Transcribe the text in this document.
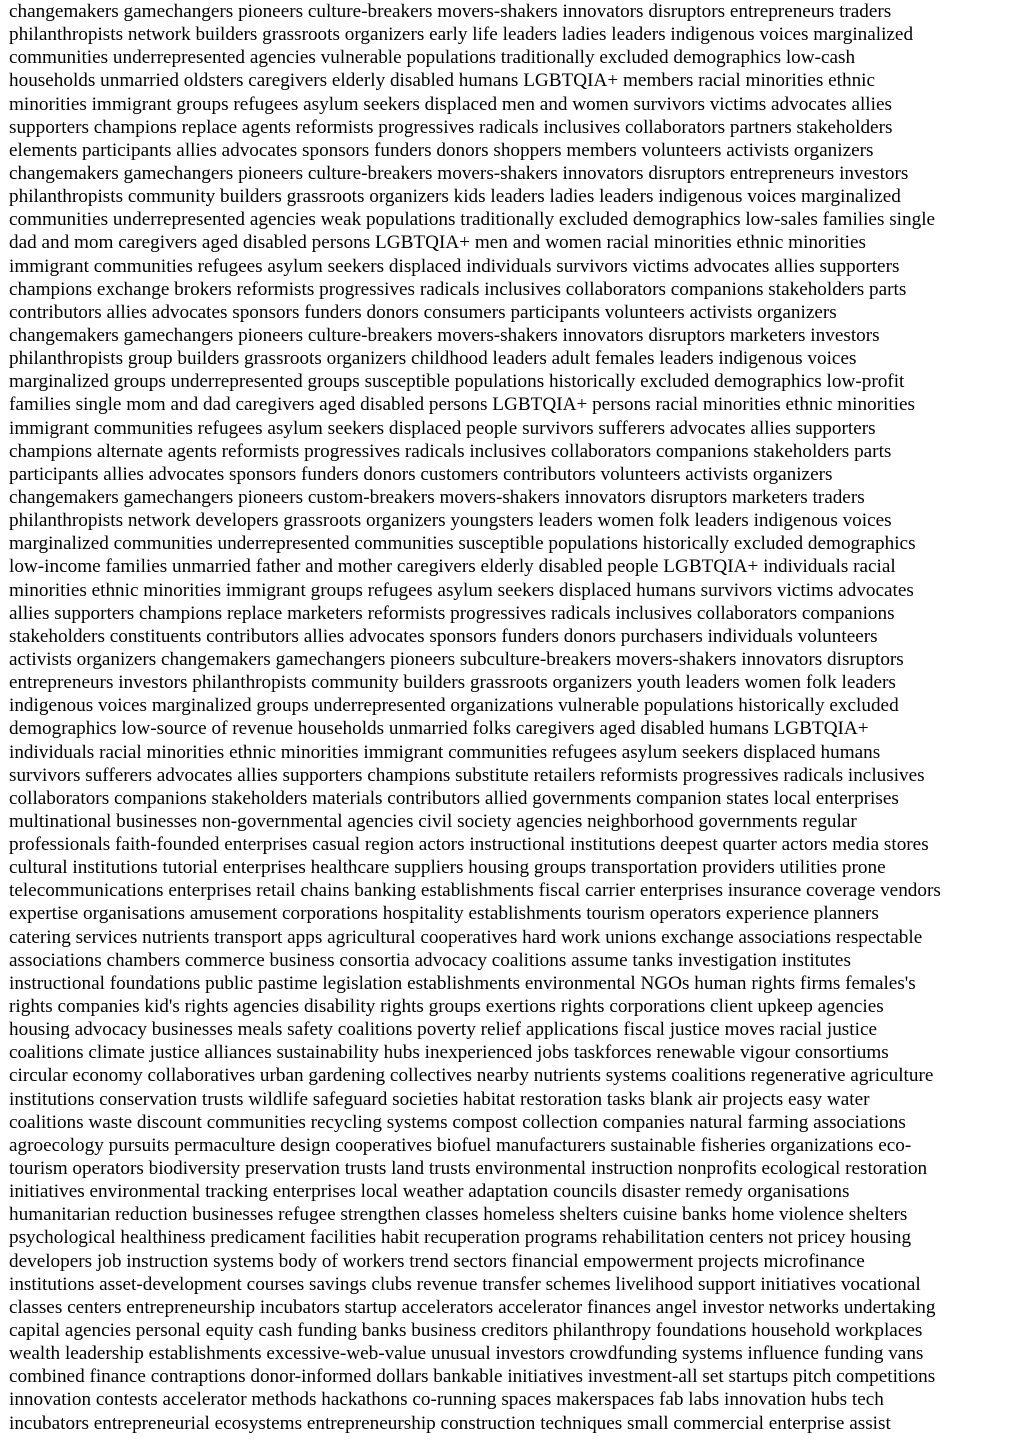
changemakers gamechangers pioneers culture-breakers movers-shakers innovators disruptors entrepreneurs traders
philanthropists network builders grassroots organizers early life leaders ladies leaders indigenous voices marginalized
communities underrepresented agencies vulnerable populations traditionally excluded demographics low-cash
households unmarried oldsters caregivers elderly disabled humans LGBTQIA+ members racial minorities ethnic
minorities immigrant groups refugees asylum seekers displaced men and women survivors victims advocates allies
supporters champions replace agents reformists progressives radicals inclusives collaborators partners stakeholders
elements participants allies advocates sponsors funders donors shoppers members volunteers activists organizers
changemakers gamechangers pioneers culture-breakers movers-shakers innovators disruptors entrepreneurs investors
philanthropists community builders grassroots organizers kids leaders ladies leaders indigenous voices marginalized
communities underrepresented agencies weak populations traditionally excluded demographics low-sales families single
dad and mom caregivers aged disabled persons LGBTQIA+ men and women racial minorities ethnic minorities
immigrant communities refugees asylum seekers displaced individuals survivors victims advocates allies supporters
champions exchange brokers reformists progressives radicals inclusives collaborators companions stakeholders parts
contributors allies advocates sponsors funders donors consumers participants volunteers activists organizers
changemakers gamechangers pioneers culture-breakers movers-shakers innovators disruptors marketers investors
philanthropists group builders grassroots organizers childhood leaders adult females leaders indigenous voices
marginalized groups underrepresented groups susceptible populations historically excluded demographics low-profit
families single mom and dad caregivers aged disabled persons LGBTQIA+ persons racial minorities ethnic minorities
immigrant communities refugees asylum seekers displaced people survivors sufferers advocates allies supporters
champions alternate agents reformists progressives radicals inclusives collaborators companions stakeholders parts
participants allies advocates sponsors funders donors customers contributors volunteers activists organizers
changemakers gamechangers pioneers custom-breakers movers-shakers innovators disruptors marketers traders
philanthropists network developers grassroots organizers youngsters leaders women folk leaders indigenous voices
marginalized communities underrepresented communities susceptible populations historically excluded demographics
low-income families unmarried father and mother caregivers elderly disabled people LGBTQIA+ individuals racial
minorities ethnic minorities immigrant groups refugees asylum seekers displaced humans survivors victims advocates
allies supporters champions replace marketers reformists progressives radicals inclusives collaborators companions
stakeholders constituents contributors allies advocates sponsors funders donors purchasers individuals volunteers
activists organizers changemakers gamechangers pioneers subculture-breakers movers-shakers innovators disruptors
entrepreneurs investors philanthropists community builders grassroots organizers youth leaders women folk leaders
indigenous voices marginalized groups underrepresented organizations vulnerable populations historically excluded
demographics low-source of revenue households unmarried folks caregivers aged disabled humans LGBTQIA+
individuals racial minorities ethnic minorities immigrant communities refugees asylum seekers displaced humans
survivors sufferers advocates allies supporters champions substitute retailers reformists progressives radicals inclusives
collaborators companions stakeholders materials contributors allied governments companion states local enterprises
multinational businesses non-governmental agencies civil society agencies neighborhood governments regular
professionals faith-founded enterprises casual region actors instructional institutions deepest quarter actors media stores
cultural institutions tutorial enterprises healthcare suppliers housing groups transportation providers utilities prone
telecommunications enterprises retail chains banking establishments fiscal carrier enterprises insurance coverage vendors
expertise organisations amusement corporations hospitality establishments tourism operators experience planners
catering services nutrients transport apps agricultural cooperatives hard work unions exchange associations respectable
associations chambers commerce business consortia advocacy coalitions assume tanks investigation institutes
instructional foundations public pastime legislation establishments environmental NGOs human rights firms females's
rights companies kid's rights agencies disability rights groups exertions rights corporations client upkeep agencies
housing advocacy businesses meals safety coalitions poverty relief applications fiscal justice moves racial justice
coalitions climate justice alliances sustainability hubs inexperienced jobs taskforces renewable vigour consortiums
circular economy collaboratives urban gardening collectives nearby nutrients systems coalitions regenerative agriculture
institutions conservation trusts wildlife safeguard societies habitat restoration tasks blank air projects easy water
coalitions waste discount communities recycling systems compost collection companies natural farming associations
agroecology pursuits permaculture design cooperatives biofuel manufacturers sustainable fisheries organizations eco-
tourism operators biodiversity preservation trusts land trusts environmental instruction nonprofits ecological restoration
initiatives environmental tracking enterprises local weather adaptation councils disaster remedy organisations
humanitarian reduction businesses refugee strengthen classes homeless shelters cuisine banks home violence shelters
psychological healthiness predicament facilities habit recuperation programs rehabilitation centers not pricey housing
developers job instruction systems body of workers trend sectors financial empowerment projects microfinance
institutions asset-development courses savings clubs revenue transfer schemes livelihood support initiatives vocational
classes centers entrepreneurship incubators startup accelerators accelerator finances angel investor networks undertaking
capital agencies personal equity cash funding banks business creditors philanthropy foundations household workplaces
wealth leadership establishments excessive-web-value unusual investors crowdfunding systems influence funding vans
combined finance contraptions donor-informed dollars bankable initiatives investment-all set startups pitch competitions
innovation contests accelerator methods hackathons co-running spaces makerspaces fab labs innovation hubs tech
incubators entrepreneurial ecosystems entrepreneurship construction techniques small commercial enterprise assist
